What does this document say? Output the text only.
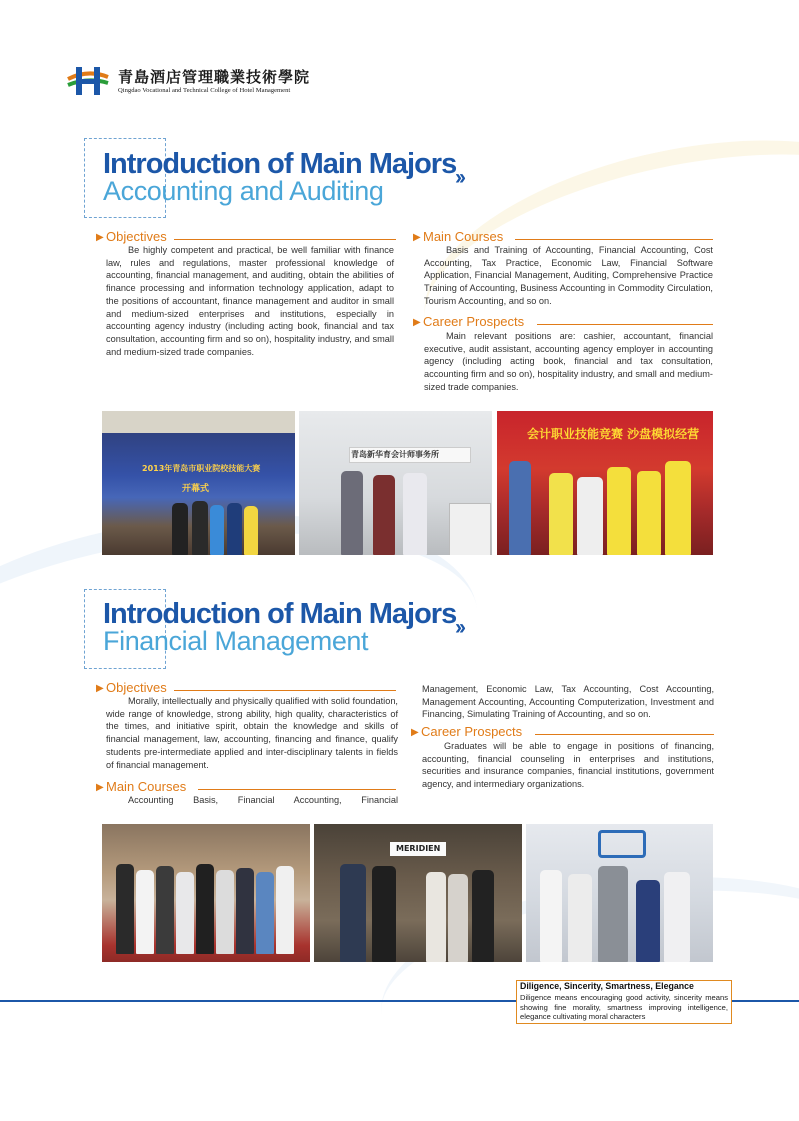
青島酒店管理職業技術學院
Qingdao Vocational and Technical College of Hotel Management
Introduction of Main Majors
Accounting and Auditing	››
▶ Objectives

Be highly competent and practical, be well familiar with finance law, rules and regulations, master professional knowledge of accounting, financial management, and auditing, obtain the abilities of finance processing and information technology application, adapt to the positions of accountant, finance management and auditor in small and medium-sized enterprises and institutions, especially in accounting agency industry (including acting book, financial and tax consultation, accounting firm and so on), hospitality industry, and small and medium-sized trade companies.

▶ Main Courses

Basis and Training of Accounting, Financial Accounting, Cost Accounting, Tax Practice, Economic Law, Financial Software Application, Financial Management, Auditing, Comprehensive Practice Training of Accounting, Business Accounting in Commodity Circulation, Tourism Accounting, and so on.

▶ Career Prospects

Main relevant positions are: cashier, accountant, financial executive, audit assistant, accounting agency employer in accounting agency (including acting book, financial and tax consultation, accounting firm and so on), hospitality industry, and small and medium-sized trade companies.

2013年青岛市职业院校技能大赛
开幕式
青岛新华育会计师事务所
会计职业技能竞赛 沙盘模拟经营
Introduction of Main Majors
Financial Management	››
▶ Objectives

Morally, intellectually and physically qualified with solid foundation, wide range of knowledge, strong ability, high quality, characteristics of the times, and initiative spirit, obtain the knowledge and skills of financial management, law, accounting, financing and finance, qualify students pre-intermediate applied and inter-disciplinary talents in fields of financial management.

▶ Main Courses

Accounting Basis, Financial Accounting, Financial

Management, Economic Law, Tax Accounting, Cost Accounting, Management Accounting, Accounting Computerization, Investment and Financing, Simulating Training of Accounting, and so on.

▶ Career Prospects

Graduates will be able to engage in positions of financing, accounting, financial counseling in enterprises and institutions, securities and insurance companies, financial institutions, government agency, and intermediary organizations.

MERIDIEN
Diligence, Sincerity, Smartness, Elegance
Diligence means encouraging good activity, sincerity means showing fine morality, smartness improving intelligence, elegance cultivating moral characters
